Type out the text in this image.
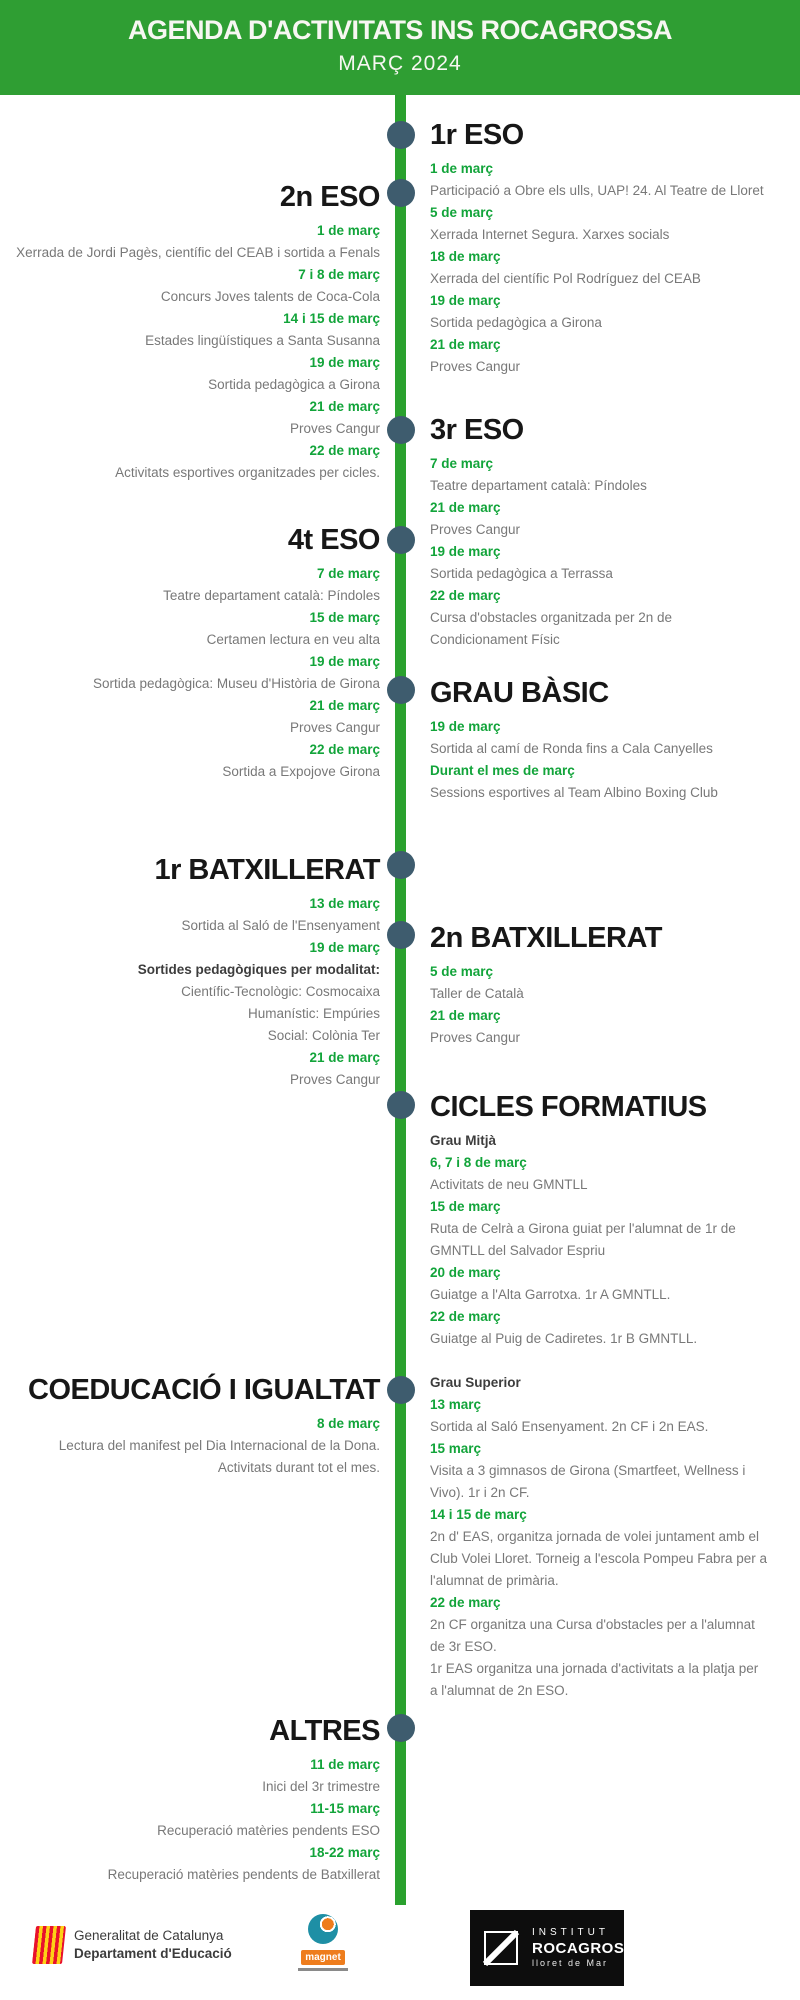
AGENDA D'ACTIVITATS INS ROCAGROSSA
MARÇ 2024
Generalitat de Catalunya
Departament d'Educació	magnet
INSTITUT
ROCAGROSSA
lloret de Mar
1r ESO
1 de març
Participació a Obre els ulls, UAP! 24. Al Teatre de Lloret
5 de març
Xerrada Internet Segura. Xarxes socials
18 de març
Xerrada del científic Pol Rodríguez del CEAB
19 de març
Sortida pedagògica a Girona
21 de març
Proves Cangur
2n ESO
1 de març
Xerrada de Jordi Pagès, científic del CEAB i sortida a Fenals
7 i 8 de març
Concurs Joves talents de Coca-Cola
14 i 15 de març
Estades lingüístiques a Santa Susanna
19 de març
Sortida pedagògica a Girona
21 de març
Proves Cangur
22 de març
Activitats esportives organitzades per cicles.
3r ESO
7 de març
Teatre departament català: Píndoles
21 de març
Proves Cangur
19 de març
Sortida pedagògica a Terrassa
22 de març
Cursa d'obstacles organitzada per 2n de
Condicionament Físic
4t ESO
7 de març
Teatre departament català: Píndoles
15 de març
Certamen lectura en veu alta
19 de març
Sortida pedagògica: Museu d'Història de Girona
21 de març
Proves Cangur
22 de març
Sortida a Expojove Girona
GRAU BÀSIC
19 de març
Sortida al camí de Ronda fins a Cala Canyelles
Durant el mes de març
Sessions esportives al Team Albino Boxing Club
1r BATXILLERAT
13 de març
Sortida al Saló de l'Ensenyament
19 de març
Sortides pedagògiques per modalitat:
Científic-Tecnològic: Cosmocaixa
Humanístic: Empúries
Social: Colònia Ter
21 de març
Proves Cangur
2n BATXILLERAT
5 de març
Taller de Català
21 de març
Proves Cangur
CICLES FORMATIUS
Grau Mitjà
6, 7 i 8 de març
Activitats de neu GMNTLL
15 de març
Ruta de Celrà a Girona guiat per l'alumnat de 1r de
GMNTLL del Salvador Espriu
20 de març
Guiatge a l'Alta Garrotxa. 1r A GMNTLL.
22 de març
Guiatge al Puig de Cadiretes. 1r B GMNTLL.
Grau Superior
13 març
Sortida al Saló Ensenyament. 2n CF i 2n EAS.
15 març
Visita a 3 gimnasos de Girona (Smartfeet, Wellness i
Vivo). 1r i 2n CF.
14 i 15 de març
2n d' EAS, organitza jornada de volei juntament amb el
Club Volei Lloret. Torneig a l'escola Pompeu Fabra per a
l'alumnat de primària.
22 de març
2n CF organitza una Cursa d'obstacles per a l'alumnat
de 3r ESO.
1r EAS organitza una jornada d'activitats a la platja per
a l'alumnat de 2n ESO.
COEDUCACIÓ I IGUALTAT
8 de març
Lectura del manifest pel Dia Internacional de la Dona.
Activitats durant tot el mes.
ALTRES
11 de març
Inici del 3r trimestre
11-15 març
Recuperació matèries pendents ESO
18-22 març
Recuperació matèries pendents de Batxillerat
